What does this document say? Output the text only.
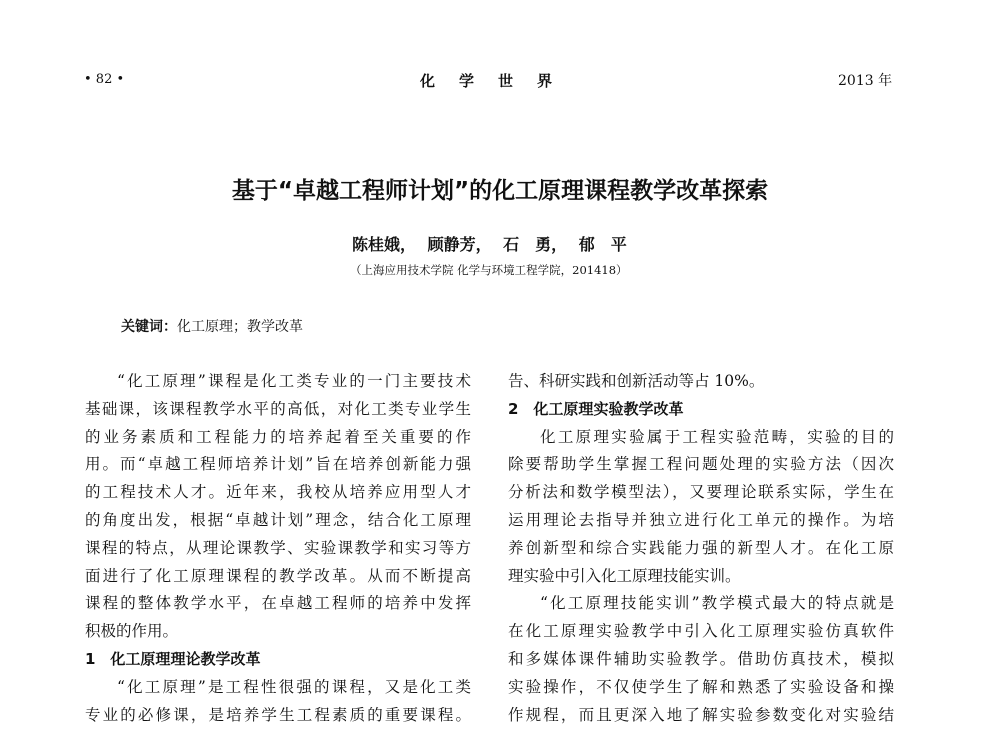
• 82 •	化学世界	2013 年
基于“卓越工程师计划”的化工原理课程教学改革探索
陈桂娥， 顾静芳， 石　勇， 郁　平
（上海应用技术学院 化学与环境工程学院，201418）
关键词：化工原理；教学改革
“化工原理”课程是化工类专业的一门主要技术
基础课，该课程教学水平的高低，对化工类专业学生
的业务素质和工程能力的培养起着至关重要的作
用。而“卓越工程师培养计划”旨在培养创新能力强
的工程技术人才。近年来，我校从培养应用型人才
的角度出发，根据“卓越计划”理念，结合化工原理
课程的特点，从理论课教学、实验课教学和实习等方
面进行了化工原理课程的教学改革。从而不断提高
课程的整体教学水平，在卓越工程师的培养中发挥
积极的作用。
1　化工原理理论教学改革
“化工原理”是工程性很强的课程，又是化工类
专业的必修课，是培养学生工程素质的重要课程。
告、科研实践和创新活动等占 10%。
2　化工原理实验教学改革
化工原理实验属于工程实验范畴，实验的目的
除要帮助学生掌握工程问题处理的实验方法（因次
分析法和数学模型法），又要理论联系实际，学生在
运用理论去指导并独立进行化工单元的操作。为培
养创新型和综合实践能力强的新型人才。在化工原
理实验中引入化工原理技能实训。
“化工原理技能实训”教学模式最大的特点就是
在化工原理实验教学中引入化工原理实验仿真软件
和多媒体课件辅助实验教学。借助仿真技术，模拟
实验操作，不仅使学生了解和熟悉了实验设备和操
作规程，而且更深入地了解实验参数变化对实验结
